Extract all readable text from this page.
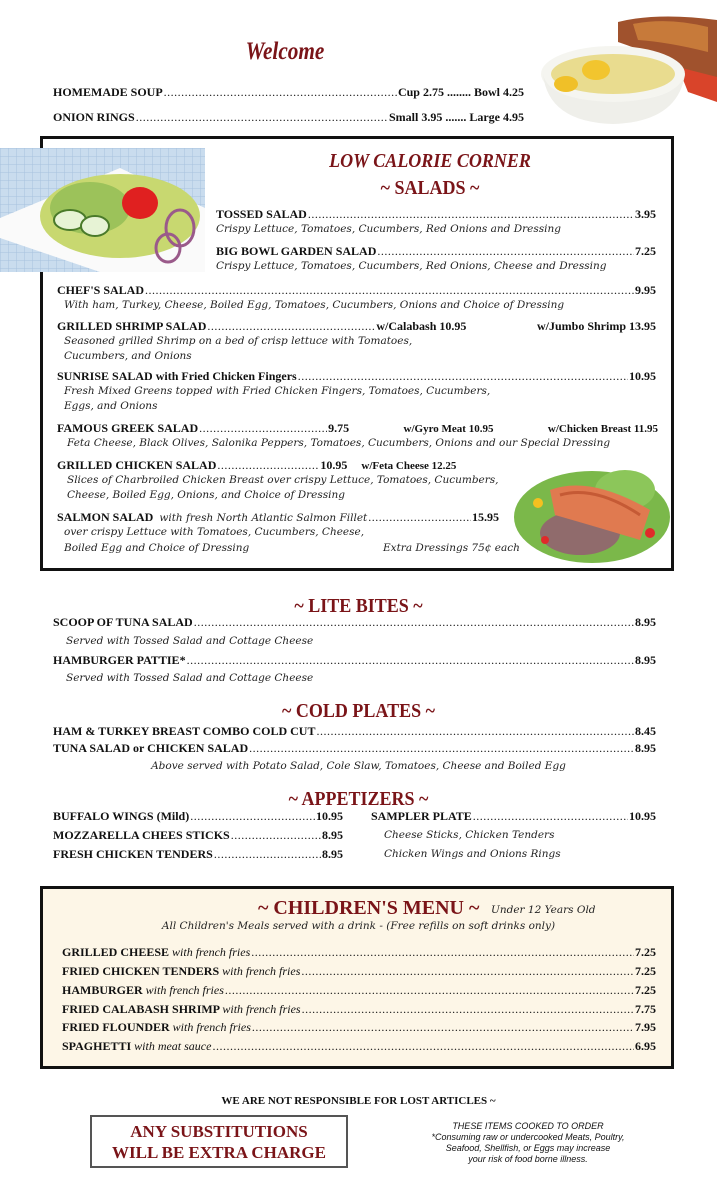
Welcome
HOMEMADE SOUP .....	Cup 2.75 ........ Bowl 4.25
ONION RINGS .....	Small 3.95 ....... Large 4.95
LOW CALORIE CORNER
~ SALADS ~
TOSSED SALAD .....	3.95
Crispy Lettuce, Tomatoes, Cucumbers, Red Onions and Dressing
BIG BOWL GARDEN SALAD .....	7.25
Crispy Lettuce, Tomatoes, Cucumbers, Red Onions, Cheese and Dressing
CHEF'S SALAD .....	9.95
With ham, Turkey, Cheese, Boiled Egg, Tomatoes, Cucumbers, Onions and Choice of Dressing
GRILLED SHRIMP SALAD .....	w/Calabash 10.95	w/Jumbo Shrimp 13.95
Seasoned grilled Shrimp on a bed of crisp lettuce with Tomatoes,
Cucumbers, and Onions
SUNRISE SALAD with Fried Chicken Fingers .....	10.95
Fresh Mixed Greens topped with Fried Chicken Fingers, Tomatoes, Cucumbers,
Eggs, and Onions
FAMOUS GREEK SALAD .....	9.75	w/Gyro Meat 10.95	w/Chicken Breast 11.95
Feta Cheese, Black Olives, Salonika Peppers, Tomatoes, Cucumbers, Onions and our Special Dressing
GRILLED CHICKEN SALAD .....	10.95 w/Feta Cheese 12.25
Slices of Charbroiled Chicken Breast over crispy Lettuce, Tomatoes, Cucumbers,
Cheese, Boiled Egg, Onions, and Choice of Dressing
SALMON SALAD with fresh North Atlantic Salmon Fillet .....	15.95
over crispy Lettuce with Tomatoes, Cucumbers, Cheese,
Boiled Egg and Choice of Dressing	Extra Dressings 75¢ each
~ LITE BITES ~
SCOOP OF TUNA SALAD .....	8.95
Served with Tossed Salad and Cottage Cheese
HAMBURGER PATTIE* .....	8.95
Served with Tossed Salad and Cottage Cheese
~ COLD PLATES ~
HAM & TURKEY BREAST COMBO COLD CUT .....	8.45
TUNA SALAD or CHICKEN SALAD .....	8.95
Above served with Potato Salad, Cole Slaw, Tomatoes, Cheese and Boiled Egg
~ APPETIZERS ~
BUFFALO WINGS (Mild) .....	10.95
MOZZARELLA CHEES STICKS .....	8.95
FRESH CHICKEN TENDERS .....	8.95
SAMPLER PLATE .....	10.95
Cheese Sticks, Chicken Tenders
Chicken Wings and Onions Rings
~ CHILDREN'S MENU ~ Under 12 Years Old
All Children's Meals served with a drink - (Free refills on soft drinks only)
GRILLED CHEESE with french fries .....	7.25
FRIED CHICKEN TENDERS with french fries .....	7.25
HAMBURGER with french fries .....	7.25
FRIED CALABASH SHRIMP with french fries .....	7.75
FRIED FLOUNDER with french fries .....	7.95
SPAGHETTI with meat sauce .....	6.95
WE ARE NOT RESPONSIBLE FOR LOST ARTICLES ~
ANY SUBSTITUTIONS
WILL BE EXTRA CHARGE
THESE ITEMS COOKED TO ORDER
*Consuming raw or undercooked Meats, Poultry,
Seafood, Shellfish, or Eggs may increase
your risk of food borne illness.
